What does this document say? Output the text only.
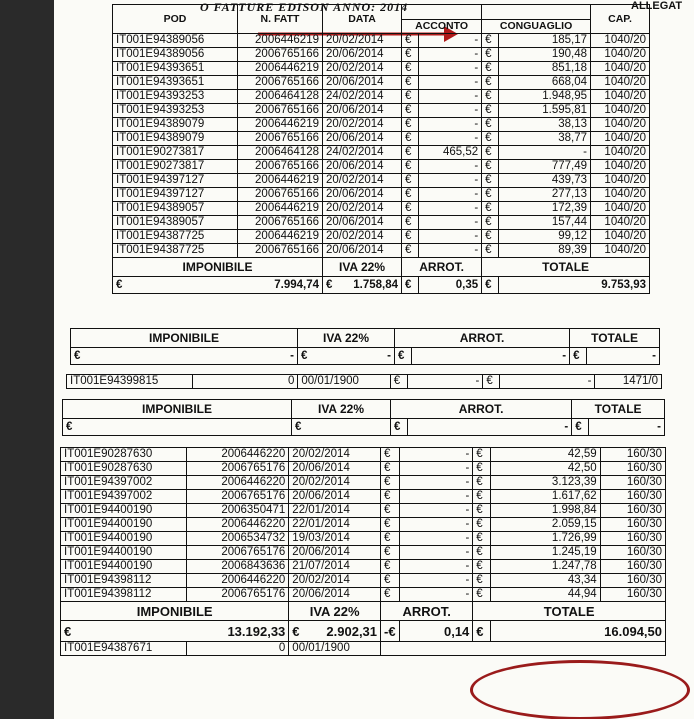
O FATTURE EDISON ANNO: 2014	ALLEGAT
POD	N. FATT	DATA					CAP.
			ACCONTO		CONGUAGLIO		
IT001E94389056	2006446219	20/02/2014	€	-	€	185,17	1040/20
IT001E94389056	2006765166	20/06/2014	€	-	€	190,48	1040/20
IT001E94393651	2006446219	20/02/2014	€	-	€	851,18	1040/20
IT001E94393651	2006765166	20/06/2014	€	-	€	668,04	1040/20
IT001E94393253	2006464128	24/02/2014	€	-	€	1.948,95	1040/20
IT001E94393253	2006765166	20/06/2014	€	-	€	1.595,81	1040/20
IT001E94389079	2006446219	20/02/2014	€	-	€	38,13	1040/20
IT001E94389079	2006765166	20/06/2014	€	-	€	38,77	1040/20
IT001E90273817	2006464128	24/02/2014	€	465,52	€	-	1040/20
IT001E90273817	2006765166	20/06/2014	€	-	€	777,49	1040/20
IT001E94397127	2006446219	20/02/2014	€	-	€	439,73	1040/20
IT001E94397127	2006765166	20/06/2014	€	-	€	277,13	1040/20
IT001E94389057	2006446219	20/02/2014	€	-	€	172,39	1040/20
IT001E94389057	2006765166	20/06/2014	€	-	€	157,44	1040/20
IT001E94387725	2006446219	20/02/2014	€	-	€	99,12	1040/20
IT001E94387725	2006765166	20/06/2014	€	-	€	89,39	1040/20
IMPONIBILE		IVA 22%	ARROT.		TOTALE		

€ 7.994,74		€ 1.758,84	€	0,35	€	9.753,93	
IMPONIBILE	IVA 22%	ARROT.		TOTALE	

€ -	€ -	€	-	€	-
IT001E94399815	0	00/01/1900	€	-	€	-	1471/0
IMPONIBILE	IVA 22%	ARROT.		TOTALE	
€	€	€	-	€	-
IT001E90287630	2006446220	20/02/2014	€	-	€	42,59	160/30
IT001E90287630	2006765176	20/06/2014	€	-	€	42,50	160/30
IT001E94397002	2006446220	20/02/2014	€	-	€	3.123,39	160/30
IT001E94397002	2006765176	20/06/2014	€	-	€	1.617,62	160/30
IT001E94400190	2006350471	22/01/2014	€	-	€	1.998,84	160/30
IT001E94400190	2006446220	22/01/2014	€	-	€	2.059,15	160/30
IT001E94400190	2006534732	19/03/2014	€	-	€	1.726,99	160/30
IT001E94400190	2006765176	20/06/2014	€	-	€	1.245,19	160/30
IT001E94400190	2006843636	21/07/2014	€	-	€	1.247,78	160/30
IT001E94398112	2006446220	20/02/2014	€	-	€	43,34	160/30
IT001E94398112	2006765176	20/06/2014	€	-	€	44,94	160/30
IMPONIBILE		IVA 22%	ARROT.		TOTALE		

€ 13.192,33		€ 2.902,31	-€	0,14	€	16.094,50	
IT001E94387671	0	00/01/1900					
